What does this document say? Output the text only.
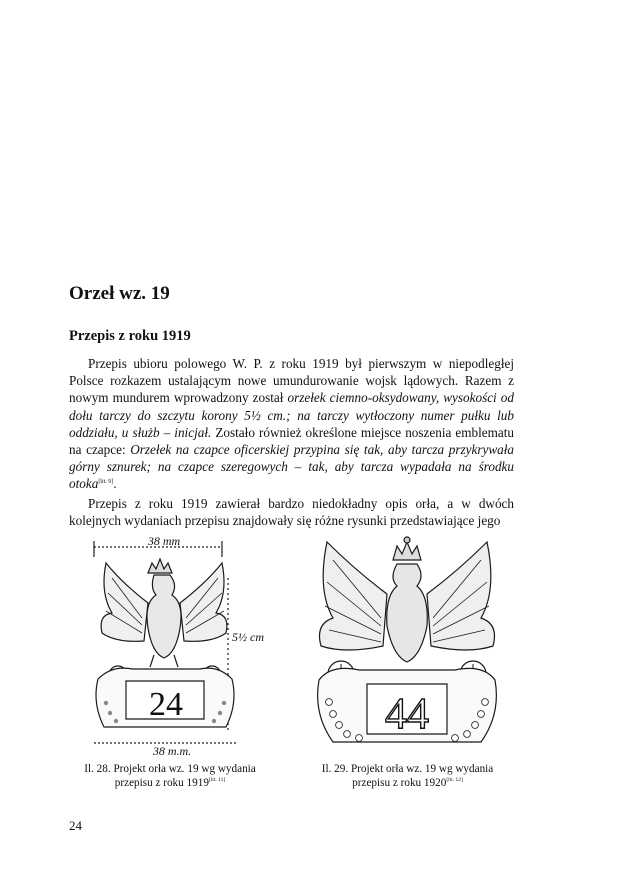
Orzeł wz. 19
Przepis z roku 1919

Przepis ubioru polowego W. P. z roku 1919 był pierwszym w niepodległej Polsce rozkazem ustalającym nowe umundurowanie wojsk lądowych. Razem z nowym mundurem wprowadzony został orzełek ciemno-oksydowany, wysokości od dołu tarczy do szczytu korony 5½ cm.; na tarczy wytłoczony numer pułku lub oddziału, u służb – inicjał. Zostało również określone miejsce noszenia emblematu na czapce: Orzełek na czapce oficerskiej przypina się tak, aby tarcza przykrywała górny sznurek; na czapce szeregowych – tak, aby tarcza wypadała na środku otoka[lit. 9].

Przepis z roku 1919 zawierał bardzo niedokładny opis orła, a w dwóch kolejnych wydaniach przepisu znajdowały się różne rysunki przedstawiające jego

24
38 mm
38 m.m.
5½ cm
Il. 28. Projekt orła wz. 19 wg wydania
przepisu z roku 1919[lit. 11]
44
Il. 29. Projekt orła wz. 19 wg wydania
przepisu z roku 1920[lit. 12]
24
